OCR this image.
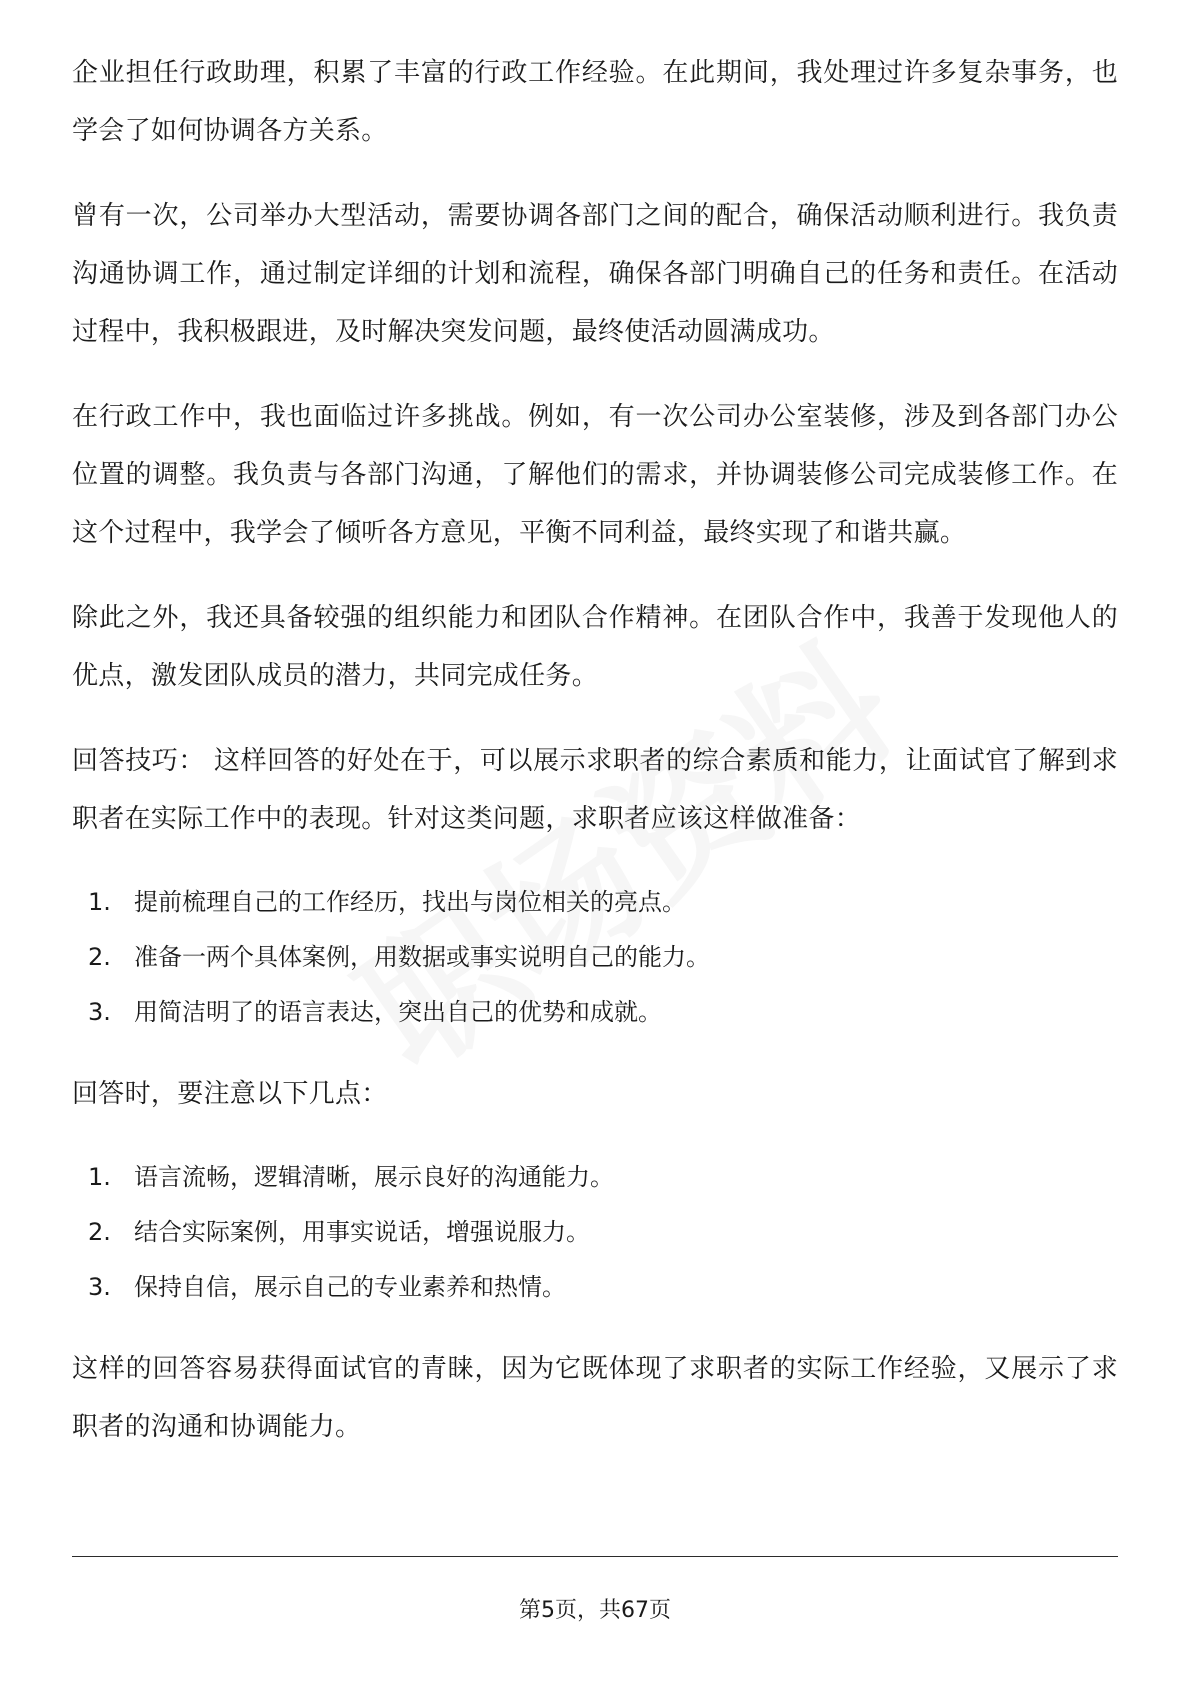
企业担任行政助理，积累了丰富的行政工作经验。在此期间，我处理过许多复杂事务，也学会了如何协调各方关系。

曾有一次，公司举办大型活动，需要协调各部门之间的配合，确保活动顺利进行。我负责沟通协调工作，通过制定详细的计划和流程，确保各部门明确自己的任务和责任。在活动过程中，我积极跟进，及时解决突发问题，最终使活动圆满成功。

在行政工作中，我也面临过许多挑战。例如，有一次公司办公室装修，涉及到各部门办公位置的调整。我负责与各部门沟通，了解他们的需求，并协调装修公司完成装修工作。在这个过程中，我学会了倾听各方意见，平衡不同利益，最终实现了和谐共赢。

除此之外，我还具备较强的组织能力和团队合作精神。在团队合作中，我善于发现他人的优点，激发团队成员的潜力，共同完成任务。

回答技巧： 这样回答的好处在于，可以展示求职者的综合素质和能力，让面试官了解到求职者在实际工作中的表现。针对这类问题，求职者应该这样做准备：

1. 提前梳理自己的工作经历，找出与岗位相关的亮点。
2. 准备一两个具体案例，用数据或事实说明自己的能力。
3. 用简洁明了的语言表达，突出自己的优势和成就。

回答时，要注意以下几点：

1. 语言流畅，逻辑清晰，展示良好的沟通能力。
2. 结合实际案例，用事实说话，增强说服力。
3. 保持自信，展示自己的专业素养和热情。

这样的回答容易获得面试官的青睐，因为它既体现了求职者的实际工作经验，又展示了求职者的沟通和协调能力。

第5页，共67页
